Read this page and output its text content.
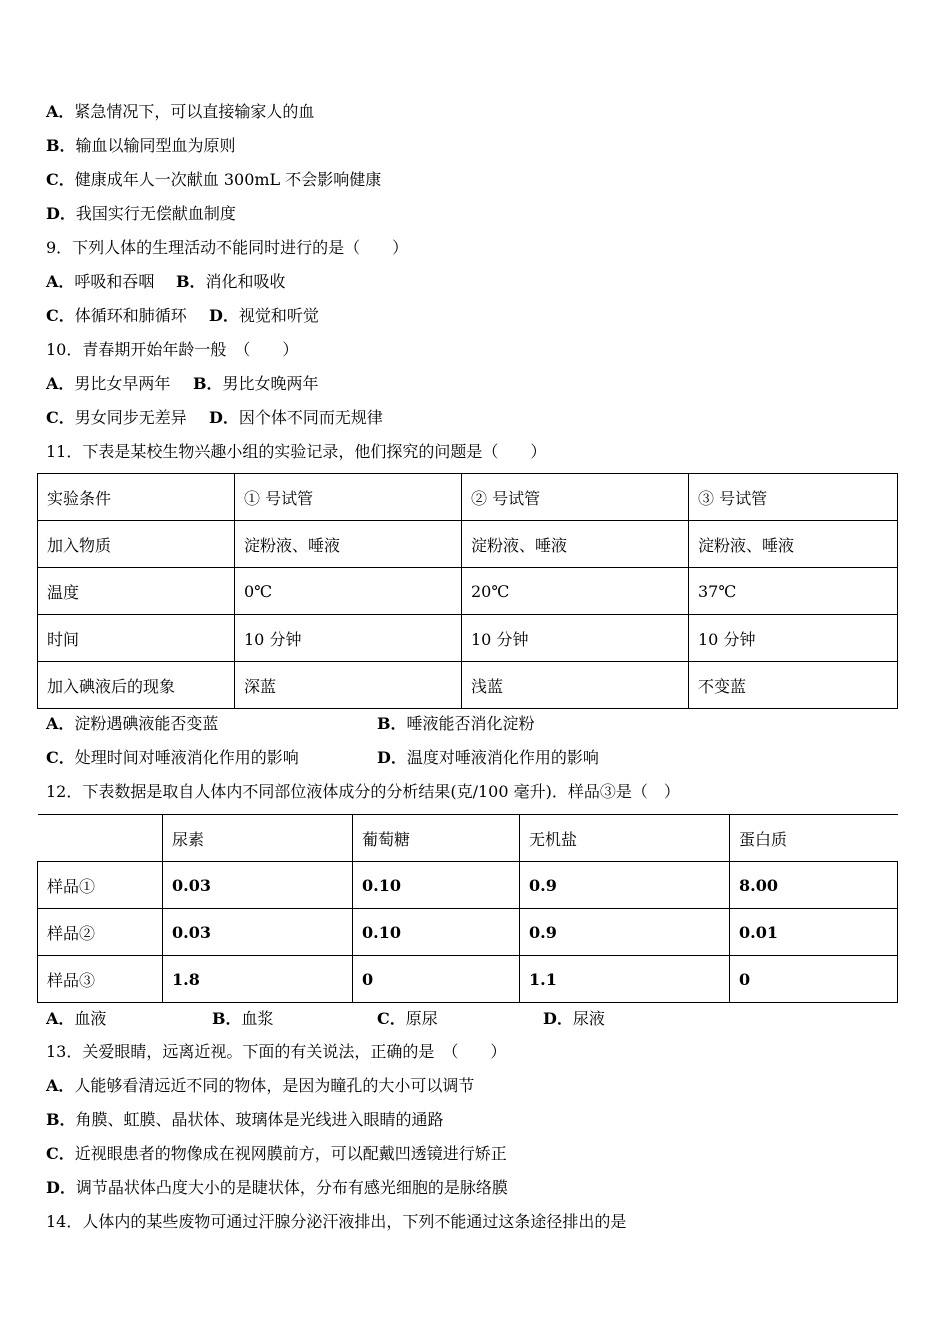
A．紧急情况下，可以直接输家人的血
B．输血以输同型血为原则
C．健康成年人一次献血 300mL 不会影响健康
D．我国实行无偿献血制度
9．下列人体的生理活动不能同时进行的是（　　）
A．呼吸和吞咽 B．消化和吸收
C．体循环和肺循环 D．视觉和听觉
10．青春期开始年龄一般　（　　）
A．男比女早两年 B．男比女晚两年
C．男女同步无差异 D．因个体不同而无规律
11．下表是某校生物兴趣小组的实验记录，他们探究的问题是（　　）
实验条件	① 号试管	② 号试管	③ 号试管
加入物质	淀粉液、唾液	淀粉液、唾液	淀粉液、唾液
温度	0℃	20℃	37℃
时间	10 分钟	10 分钟	10 分钟
加入碘液后的现象	深蓝	浅蓝	不变蓝
A．淀粉遇碘液能否变蓝	B．唾液能否消化淀粉
C．处理时间对唾液消化作用的影响	D．温度对唾液消化作用的影响
12．下表数据是取自人体内不同部位液体成分的分析结果(克/100 毫升)．样品③是（　）
	尿素	葡萄糖	无机盐	蛋白质
样品①	0.03	0.10	0.9	8.00
样品②	0.03	0.10	0.9	0.01
样品③	1.8	0	1.1	0
A．血液	B．血浆	C．原尿	D．尿液
13．关爱眼睛，远离近视。下面的有关说法，正确的是　（　　）
A．人能够看清远近不同的物体，是因为瞳孔的大小可以调节
B．角膜、虹膜、晶状体、玻璃体是光线进入眼睛的通路
C．近视眼患者的物像成在视网膜前方，可以配戴凹透镜进行矫正
D．调节晶状体凸度大小的是睫状体，分布有感光细胞的是脉络膜
14．人体内的某些废物可通过汗腺分泌汗液排出，下列不能通过这条途径排出的是
